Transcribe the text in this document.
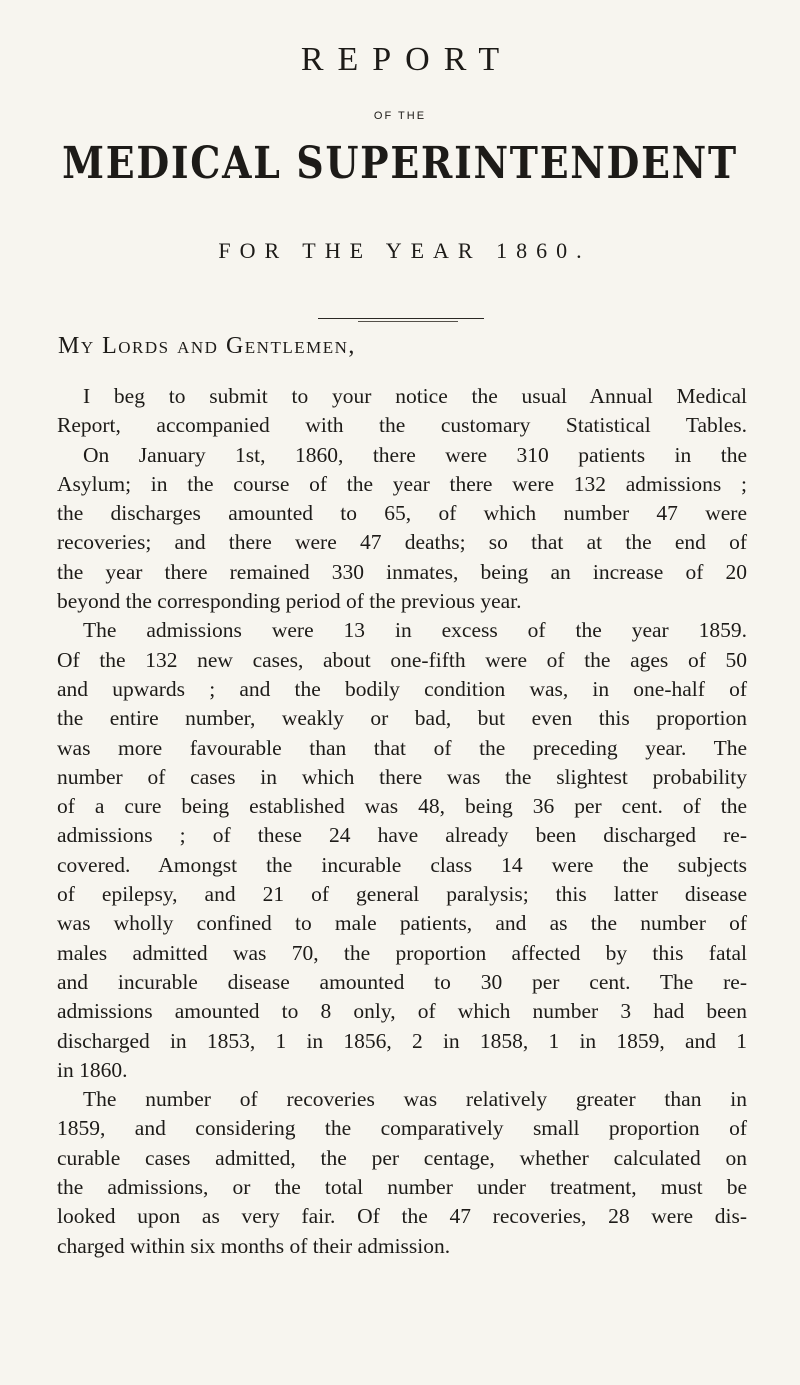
REPORT
OF THE
MEDICAL SUPERINTENDENT
FOR THE YEAR 1860.
My Lords and Gentlemen,
I beg to submit to your notice the usual Annual Medical
Report, accompanied with the customary Statistical Tables.
On January 1st, 1860, there were 310 patients in the
Asylum; in the course of the year there were 132 admissions ;
the discharges amounted to 65, of which number 47 were
recoveries; and there were 47 deaths; so that at the end of
the year there remained 330 inmates, being an increase of 20
beyond the corresponding period of the previous year.
The admissions were 13 in excess of the year 1859.
Of the 132 new cases, about one-fifth were of the ages of 50
and upwards ; and the bodily condition was, in one-half of
the entire number, weakly or bad, but even this proportion
was more favourable than that of the preceding year. The
number of cases in which there was the slightest probability
of a cure being established was 48, being 36 per cent. of the
admissions ; of these 24 have already been discharged re-
covered. Amongst the incurable class 14 were the subjects
of epilepsy, and 21 of general paralysis; this latter disease
was wholly confined to male patients, and as the number of
males admitted was 70, the proportion affected by this fatal
and incurable disease amounted to 30 per cent. The re-
admissions amounted to 8 only, of which number 3 had been
discharged in 1853, 1 in 1856, 2 in 1858, 1 in 1859, and 1
in 1860.
The number of recoveries was relatively greater than in
1859, and considering the comparatively small proportion of
curable cases admitted, the per centage, whether calculated on
the admissions, or the total number under treatment, must be
looked upon as very fair. Of the 47 recoveries, 28 were dis-
charged within six months of their admission.
